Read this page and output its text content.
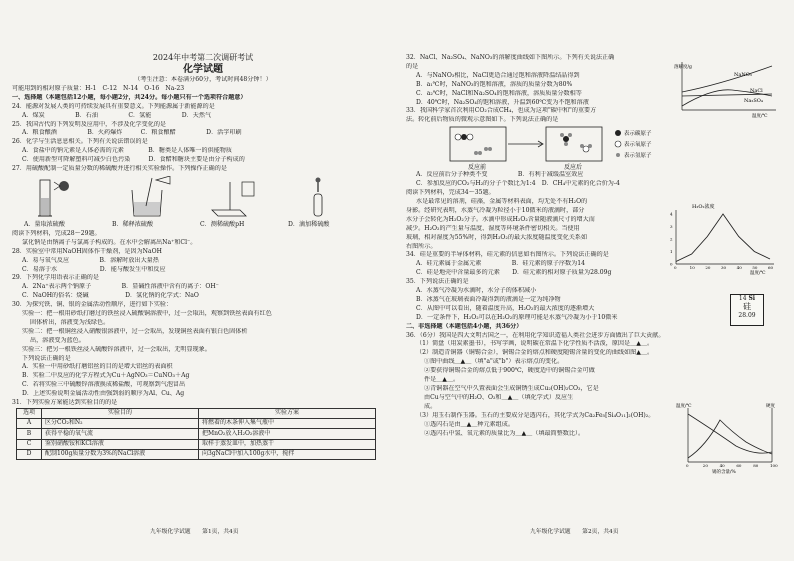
2024年中考第二次调研考试

化学试题

（考生注意：本卷满分60分，考试时间48分钟！）

可能用到的相对原子质量：H-1　C-12　N-14　O-16　Na-23

一、选择题（本题包括12小题，每小题2分，共24分。每小题只有一个选项符合题意）

24．能源对发展人类的可持续发展具有重要意义。下列能源属于新能源的是

A．煤炭　　　　　B．石油　　　　　C．氢能　　　　　D．天然气

25．我国古代的下列发明及应用中，不涉及化学变化的是

A．粮食酿酒　　　　　B．火药爆炸　　　	C．粮食酿醋　　　　　D．活字印刷

26．化学与生活息息相关。下列有关说法错误的是

A．食盐中的钠元素是人体必需的元素　　　　B．糖类是人体唯一的供能物质

C．使用新型可降解塑料可减少白色污染　　　D．食醋和糖块主要是由分子构成的

27．用硫酸配制一定质量分数的稀硫酸并进行相关实验操作。下列操作正确的是

A．量取浓硫酸	B．稀释浓硫酸	C．测稀硫酸pH	D．滴加稀硫酸

阅读下列材料，完成28～29题。

氯化钠是由钠离子与氯离子构成的。在水中会解离出Na⁺和Cl⁻。

28．实验室中常用NaOH固体作干燥剂，是因为NaOH

A．易与氧气反应　　　　　B．溶解时放出大量热

C．易溶于水　　　　　　　D．能与酸发生中和反应

29．下列化学用语表示正确的是

A．2Na⁺表示两个钠原子　　　　　B．显碱性溶液中含有的离子：OH⁻

C．NaOH的俗名：烧碱　　　　　　D．氢化钠的化学式：NaO

30．为探究铁、铜、银的金属活动性顺序，进行如下实验：

实验一：把一根用砂纸打磨过的铁丝浸入硫酸铜溶液中，过一会取出，观察到铁丝表面有红色

固体析出，溶液变为浅绿色。

实验二：把一根铜丝浸入硝酸银溶液中，过一会取出，发现铜丝表面有银白色固体析

出，溶液变为蓝色。

实验三：把另一根铁丝浸入硫酸锌溶液中，过一会取出，无明显现象。

下列说法正确的是

A．实验一中用砂纸打磨铝丝的目的是增大铝丝的表面积

B．实验二中反应的化学方程式为Cu＋AgNO₃＝CuNO₃＋Ag

C．若将实验三中硫酸锌溶液换成稀盐酸，可观察到气泡冒出

D．上述实验说明金属活动性由强到弱的顺序为Al、Cu、Ag

31．下列实验方案能达到实验目的的是

选项	实验目的	实验方案
A	区分CO₂和N₂	将燃着的木条伸入集气瓶中
B	获得平稳的氧气流	把MnO₂放入H₂O₂溶液中
C	鉴别硝酸铵和KCl溶液	取样于蒸发皿中，加热蒸干
D	配制100g质量分数为3%的NaCl溶液	向3gNaCl中加入100g水中，搅拌
九年级化学试题　　第1页，共4页

32．NaCl、Na₂SO₄、NaNO₃的溶解度曲线如下图所示。下列有关说法正确

的是

A．与NaNO₃相比，NaCl更适合通过饱和溶液降温结晶得到

B．a₁℃时，NaNO₃的饱和溶液，溶质的质量分数为80%

C．a₂℃时，NaCl和Na₂SO₄的饱和溶液，溶质质量分数相等

D．40℃时，Na₂SO₄的饱和溶液，升温到60℃变为不饱和溶液

33．我国科学家首次利用CO₂合成CH₄，也成为这项"碳中和"的重要方

法。转化前后物质的微观示意图如下。下列说法正确的是

反应前	反应后
表示碳原子
表示氧原子
表示氢原子

A．反应前后分子种类不变　　　　　B．有利于减缓温室效应

C．参加反应的CO₂与H₂的分子个数比为1:4　D．CH₄中元素的化合价为-4

阅读下列材料，完成34～35题。

水是最常见的溶剂，硅藻，金属等材料表面，均无处不有H₂O的

身影。经研究表明，水蒸气冷凝为粒径小于10微米的液滴时，部分

水分子会转化为H₂O₂分子。水滴中形成H₂O₂含量随液滴尺寸的增大而

减少。H₂O₂的产生量与温度、湿度等环境条件密切相关。当使用

玻璃，相对湿度为55%时，得到H₂O₂的最大浓度随温度变化关系如

右图所示。

34．硅是重要的半导体材料，硅元素的信息如右图所示。下列说法正确的是

A．硅元素属于金属元素　　　　　B．硅元素的原子序数为14

C．硅是地壳中含量最多的元素　　D．硅元素的相对原子质量为28.09g

35．下列说法正确的是

A．水蒸气冷凝为水滴时，水分子的体积减小

B．冰蒸气在玻璃表面冷凝得到的液滴是一定为纯净物

C．从图中可以看出，随着温度升高，H₂O₂的最大浓度的逐渐增大

D．一定条件下，H₂O₂可以在H₂O₂的原理可能是水蒸气冷凝为小于10微米

二、非选择题（本题包括4小题，共36分）

36．（6分）我国是四大文明古国之一，在利用化学知识造福人类社会进步方面做出了巨大贡献。

（1）简盘（用炭素墨书），书写字画，说明碳在常温下化学性质不活泼，原因是＿▲＿。

（2）制造青铜器（铜锡合金），铜锡合金的熔点和硬度随锡含量的变化的曲线如图▲＿。

①图中曲线＿▲＿（填"a"或"b"）表示熔点的变化。

②要获得铜锡合金的熔点低于900℃，硬度适中的铜锡合金可做

件是＿▲＿。

③青铜器在空气中久置表面会生成铜锈生成Cu₂(OH)₂CO₃，它是

由Cu与空气中的H₂O、O₂和＿▲＿（填化学式）反应生

成。

（3）用玉石制作玉器。玉石的主要成分是透闪石，其化学式为Ca₂Fe₅[Si₄O₁₁]₂(OH)₂。

①透闪石是由＿▲＿种元素组成。

②透闪石中氢、氧元素的质量比为＿▲＿（填最简整数比）。

NaNO₃
NaCl
Na₂SO₄
溶解度/g
温度/℃
H₂O₂浓度
0	10	20	30	40	50	60
0
1
2
3
4
温度/℃
14 Si
硅
28.09
0	20	40	60	80	100
温度/℃	硬度
锡的含量/%
九年级化学试题　　第2页，共4页
